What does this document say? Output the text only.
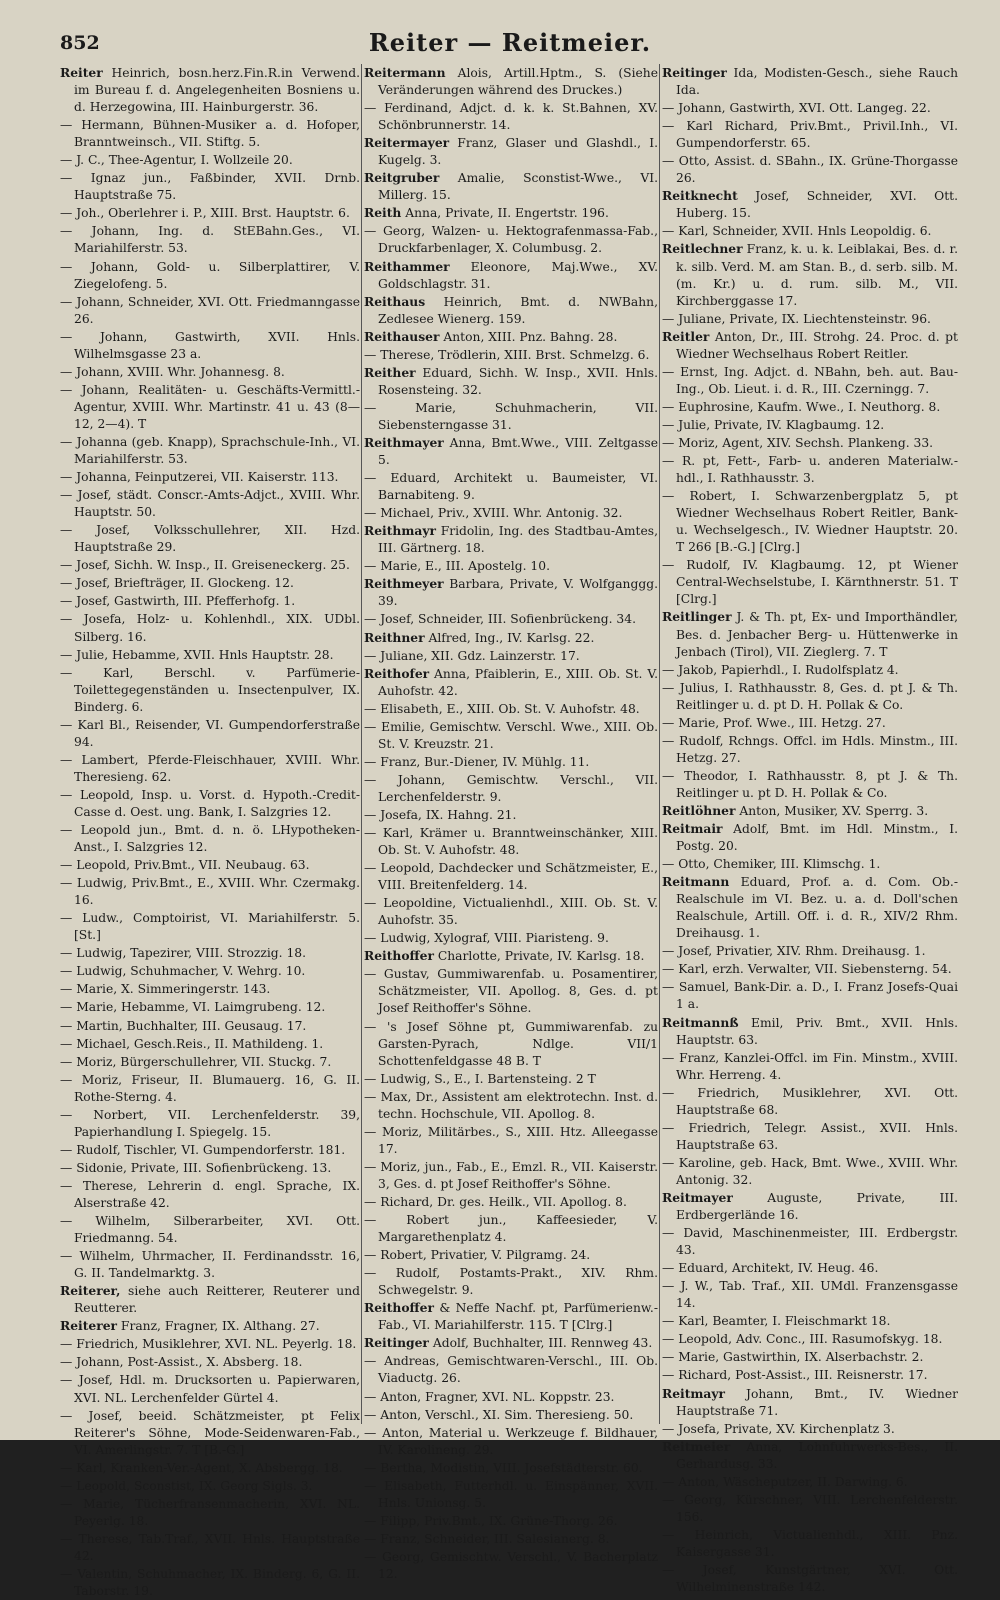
852	Reiter — Reitmeier.

Reiter Heinrich, bosn.herz.Fin.R.in Verwend. im Bureau f. d. Angelegenheiten Bosniens u. d. Herzegowina, III. Hainburgerstr. 36.

— Hermann, Bühnen-Musiker a. d. Hofoper, Branntweinsch., VII. Stiftg. 5.

— J. C., Thee-Agentur, I. Wollzeile 20.

— Ignaz jun., Faßbinder, XVII. Drnb. Hauptstraße 75.

— Joh., Oberlehrer i. P., XIII. Brst. Hauptstr. 6.

— Johann, Ing. d. StEBahn.Ges., VI. Mariahilferstr. 53.

— Johann, Gold- u. Silberplattirer, V. Ziegelofeng. 5.

— Johann, Schneider, XVI. Ott. Friedmanngasse 26.

— Johann, Gastwirth, XVII. Hnls. Wilhelmsgasse 23 a.

— Johann, XVIII. Whr. Johannesg. 8.

— Johann, Realitäten- u. Geschäfts-Vermittl.-Agentur, XVIII. Whr. Martinstr. 41 u. 43 (8—12, 2—4). T

— Johanna (geb. Knapp), Sprachschule-Inh., VI. Mariahilferstr. 53.

— Johanna, Feinputzerei, VII. Kaiserstr. 113.

— Josef, städt. Conscr.-Amts-Adjct., XVIII. Whr. Hauptstr. 50.

— Josef, Volksschullehrer, XII. Hzd. Hauptstraße 29.

— Josef, Sichh. W. Insp., II. Greiseneckerg. 25.

— Josef, Briefträger, II. Glockeng. 12.

— Josef, Gastwirth, III. Pfefferhofg. 1.

— Josefa, Holz- u. Kohlenhdl., XIX. UDbl. Silberg. 16.

— Julie, Hebamme, XVII. Hnls Hauptstr. 28.

— Karl, Berschl. v. Parfümerie-Toilettegegenständen u. Insectenpulver, IX. Binderg. 6.

— Karl Bl., Reisender, VI. Gumpendorferstraße 94.

— Lambert, Pferde-Fleischhauer, XVIII. Whr. Theresieng. 62.

— Leopold, Insp. u. Vorst. d. Hypoth.-Credit-Casse d. Oest. ung. Bank, I. Salzgries 12.

— Leopold jun., Bmt. d. n. ö. LHypotheken-Anst., I. Salzgries 12.

— Leopold, Priv.Bmt., VII. Neubaug. 63.

— Ludwig, Priv.Bmt., E., XVIII. Whr. Czermakg. 16.

— Ludw., Comptoirist, VI. Mariahilferstr. 5. [St.]

— Ludwig, Tapezirer, VIII. Strozzig. 18.

— Ludwig, Schuhmacher, V. Wehrg. 10.

— Marie, X. Simmeringerstr. 143.

— Marie, Hebamme, VI. Laimgrubeng. 12.

— Martin, Buchhalter, III. Geusaug. 17.

— Michael, Gesch.Reis., II. Mathildeng. 1.

— Moriz, Bürgerschullehrer, VII. Stuckg. 7.

— Moriz, Friseur, II. Blumauerg. 16, G. II. Rothe-Sterng. 4.

— Norbert, VII. Lerchenfelderstr. 39, Papierhandlung I. Spiegelg. 15.

— Rudolf, Tischler, VI. Gumpendorferstr. 181.

— Sidonie, Private, III. Sofienbrückeng. 13.

— Therese, Lehrerin d. engl. Sprache, IX. Alserstraße 42.

— Wilhelm, Silberarbeiter, XVI. Ott. Friedmanng. 54.

— Wilhelm, Uhrmacher, II. Ferdinandsstr. 16, G. II. Tandelmarktg. 3.

Reiterer, siehe auch Reitterer, Reuterer und Reutterer.

Reiterer Franz, Fragner, IX. Althang. 27.

— Friedrich, Musiklehrer, XVI. NL. Peyerlg. 18.

— Johann, Post-Assist., X. Absberg. 18.

— Josef, Hdl. m. Drucksorten u. Papierwaren, XVI. NL. Lerchenfelder Gürtel 4.

— Josef, beeid. Schätzmeister, pt Felix Reiterer's Söhne, Mode-Seidenwaren-Fab., VI. Amerlingstr. 7. T [B.-G.]

— Karl, Kranken-Ver.-Agent, X. Absbergg. 18.

— Leopold, Sconstist, IX. Georg Sigls. 3.

— Marie, Tücherfransenmacherin, XVI. NL. Peyerlg. 18.

— Therese, Tab.Traf., XVII. Hnls. Hauptstraße 42.

— Valentin, Schuhmacher, IX. Binderg. 6, G. II. Taborstr. 19.

Reitermann Alois, Artill.Hptm., S. (Siehe Veränderungen während des Druckes.)

— Ferdinand, Adjct. d. k. k. St.Bahnen, XV. Schönbrunnerstr. 14.

Reitermayer Franz, Glaser und Glashdl., I. Kugelg. 3.

Reitgruber Amalie, Sconstist-Wwe., VI. Millerg. 15.

Reith Anna, Private, II. Engertstr. 196.

— Georg, Walzen- u. Hektografenmassa-Fab., Druckfarbenlager, X. Columbusg. 2.

Reithammer Eleonore, Maj.Wwe., XV. Goldschlagstr. 31.

Reithaus Heinrich, Bmt. d. NWBahn, Zedlesee Wienerg. 159.

Reithauser Anton, XIII. Pnz. Bahng. 28.

— Therese, Trödlerin, XIII. Brst. Schmelzg. 6.

Reither Eduard, Sichh. W. Insp., XVII. Hnls. Rosensteing. 32.

— Marie, Schuhmacherin, VII. Siebensterngasse 31.

Reithmayer Anna, Bmt.Wwe., VIII. Zeltgasse 5.

— Eduard, Architekt u. Baumeister, VI. Barnabiteng. 9.

— Michael, Priv., XVIII. Whr. Antonig. 32.

Reithmayr Fridolin, Ing. des Stadtbau-Amtes, III. Gärtnerg. 18.

— Marie, E., III. Apostelg. 10.

Reithmeyer Barbara, Private, V. Wolfganggg. 39.

— Josef, Schneider, III. Sofienbrückeng. 34.

Reithner Alfred, Ing., IV. Karlsg. 22.

— Juliane, XII. Gdz. Lainzerstr. 17.

Reithofer Anna, Pfaiblerin, E., XIII. Ob. St. V. Auhofstr. 42.

— Elisabeth, E., XIII. Ob. St. V. Auhofstr. 48.

— Emilie, Gemischtw. Verschl. Wwe., XIII. Ob. St. V. Kreuzstr. 21.

— Franz, Bur.-Diener, IV. Mühlg. 11.

— Johann, Gemischtw. Verschl., VII. Lerchenfelderstr. 9.

— Josefa, IX. Hahng. 21.

— Karl, Krämer u. Branntweinschänker, XIII. Ob. St. V. Auhofstr. 48.

— Leopold, Dachdecker und Schätzmeister, E., VIII. Breitenfelderg. 14.

— Leopoldine, Victualienhdl., XIII. Ob. St. V. Auhofstr. 35.

— Ludwig, Xylograf, VIII. Piaristeng. 9.

Reithoffer Charlotte, Private, IV. Karlsg. 18.

— Gustav, Gummiwarenfab. u. Posamentirer, Schätzmeister, VII. Apollog. 8, Ges. d. pt Josef Reithoffer's Söhne.

— 's Josef Söhne pt, Gummiwarenfab. zu Garsten-Pyrach, Ndlge. VII/1 Schottenfeldgasse 48 B. T

— Ludwig, S., E., I. Bartensteing. 2 T

— Max, Dr., Assistent am elektrotechn. Inst. d. techn. Hochschule, VII. Apollog. 8.

— Moriz, Militärbes., S., XIII. Htz. Alleegasse 17.

— Moriz, jun., Fab., E., Emzl. R., VII. Kaiserstr. 3, Ges. d. pt Josef Reithoffer's Söhne.

— Richard, Dr. ges. Heilk., VII. Apollog. 8.

— Robert jun., Kaffeesieder, V. Margarethenplatz 4.

— Robert, Privatier, V. Pilgramg. 24.

— Rudolf, Postamts-Prakt., XIV. Rhm. Schwegelstr. 9.

Reithoffer & Neffe Nachf. pt, Parfümerienw.-Fab., VI. Mariahilferstr. 115. T [Clrg.]

Reitinger Adolf, Buchhalter, III. Rennweg 43.

— Andreas, Gemischtwaren-Verschl., III. Ob. Viaductg. 26.

— Anton, Fragner, XVI. NL. Koppstr. 23.

— Anton, Verschl., XI. Sim. Theresieng. 50.

— Anton, Material u. Werkzeuge f. Bildhauer, IV. Karolineng. 29.

— Bertha, Modistin, VIII. Josefstädterstr. 60.

— Elisabeth, Futterhdl. u. Einspänner, XVII. Hnls. Unionsg. 5.

— Filipp, Priv.Bmt., IX. Grüne-Thorg. 26.

— Franz, Schneider, III. Salesianerg. 8.

— Georg, Gemischtw. Verschl., V. Bacherplatz 12.

Reitinger Ida, Modisten-Gesch., siehe Rauch Ida.

— Johann, Gastwirth, XVI. Ott. Langeg. 22.

— Karl Richard, Priv.Bmt., Privil.Inh., VI. Gumpendorferstr. 65.

— Otto, Assist. d. SBahn., IX. Grüne-Thorgasse 26.

Reitknecht Josef, Schneider, XVI. Ott. Huberg. 15.

— Karl, Schneider, XVII. Hnls Leopoldig. 6.

Reitlechner Franz, k. u. k. Leiblakai, Bes. d. r. k. silb. Verd. M. am Stan. B., d. serb. silb. M. (m. Kr.) u. d. rum. silb. M., VII. Kirchberggasse 17.

— Juliane, Private, IX. Liechtensteinstr. 96.

Reitler Anton, Dr., III. Strohg. 24. Proc. d. pt Wiedner Wechselhaus Robert Reitler.

— Ernst, Ing. Adjct. d. NBahn, beh. aut. Bau-Ing., Ob. Lieut. i. d. R., III. Czerningg. 7.

— Euphrosine, Kaufm. Wwe., I. Neuthorg. 8.

— Julie, Private, IV. Klagbaumg. 12.

— Moriz, Agent, XIV. Sechsh. Plankeng. 33.

— R. pt, Fett-, Farb- u. anderen Materialw.-hdl., I. Rathhausstr. 3.

— Robert, I. Schwarzenbergplatz 5, pt Wiedner Wechselhaus Robert Reitler, Bank- u. Wechselgesch., IV. Wiedner Hauptstr. 20. T 266 [B.-G.] [Clrg.]

— Rudolf, IV. Klagbaumg. 12, pt Wiener Central-Wechselstube, I. Kärnthnerstr. 51. T [Clrg.]

Reitlinger J. & Th. pt, Ex- und Importhändler, Bes. d. Jenbacher Berg- u. Hüttenwerke in Jenbach (Tirol), VII. Zieglerg. 7. T

— Jakob, Papierhdl., I. Rudolfsplatz 4.

— Julius, I. Rathhausstr. 8, Ges. d. pt J. & Th. Reitlinger u. d. pt D. H. Pollak & Co.

— Marie, Prof. Wwe., III. Hetzg. 27.

— Rudolf, Rchngs. Offcl. im Hdls. Minstm., III. Hetzg. 27.

— Theodor, I. Rathhausstr. 8, pt J. & Th. Reitlinger u. pt D. H. Pollak & Co.

Reitlöhner Anton, Musiker, XV. Sperrg. 3.

Reitmair Adolf, Bmt. im Hdl. Minstm., I. Postg. 20.

— Otto, Chemiker, III. Klimschg. 1.

Reitmann Eduard, Prof. a. d. Com. Ob.-Realschule im VI. Bez. u. a. d. Doll'schen Realschule, Artill. Off. i. d. R., XIV/2 Rhm. Dreihausg. 1.

— Josef, Privatier, XIV. Rhm. Dreihausg. 1.

— Karl, erzh. Verwalter, VII. Siebensterng. 54.

— Samuel, Bank-Dir. a. D., I. Franz Josefs-Quai 1 a.

Reitmannß Emil, Priv. Bmt., XVII. Hnls. Hauptstr. 63.

— Franz, Kanzlei-Offcl. im Fin. Minstm., XVIII. Whr. Herreng. 4.

— Friedrich, Musiklehrer, XVI. Ott. Hauptstraße 68.

— Friedrich, Telegr. Assist., XVII. Hnls. Hauptstraße 63.

— Karoline, geb. Hack, Bmt. Wwe., XVIII. Whr. Antonig. 32.

Reitmayer Auguste, Private, III. Erdbergerlände 16.

— David, Maschinenmeister, III. Erdbergstr. 43.

— Eduard, Architekt, IV. Heug. 46.

— J. W., Tab. Traf., XII. UMdl. Franzensgasse 14.

— Karl, Beamter, I. Fleischmarkt 18.

— Leopold, Adv. Conc., III. Rasumofskyg. 18.

— Marie, Gastwirthin, IX. Alserbachstr. 2.

— Richard, Post-Assist., III. Reisnerstr. 17.

Reitmayr Johann, Bmt., IV. Wiedner Hauptstraße 71.

— Josefa, Private, XV. Kirchenplatz 3.

Reitmeier Anna, Lohnfuhrwerks-Bes., II. Gerhardusg. 33.

— Anton, Wäscheputzer, II. Darwing. 6.

— Georg, Kürschner, VIII. Lerchenfelderstr. 156.

— Heinrich, Victualienhdl., XIII. Pnz. Kaisergasse 31.

— Josef, Kunstgärtner, XVI. Ott. Wilhelminenstraße 142.
